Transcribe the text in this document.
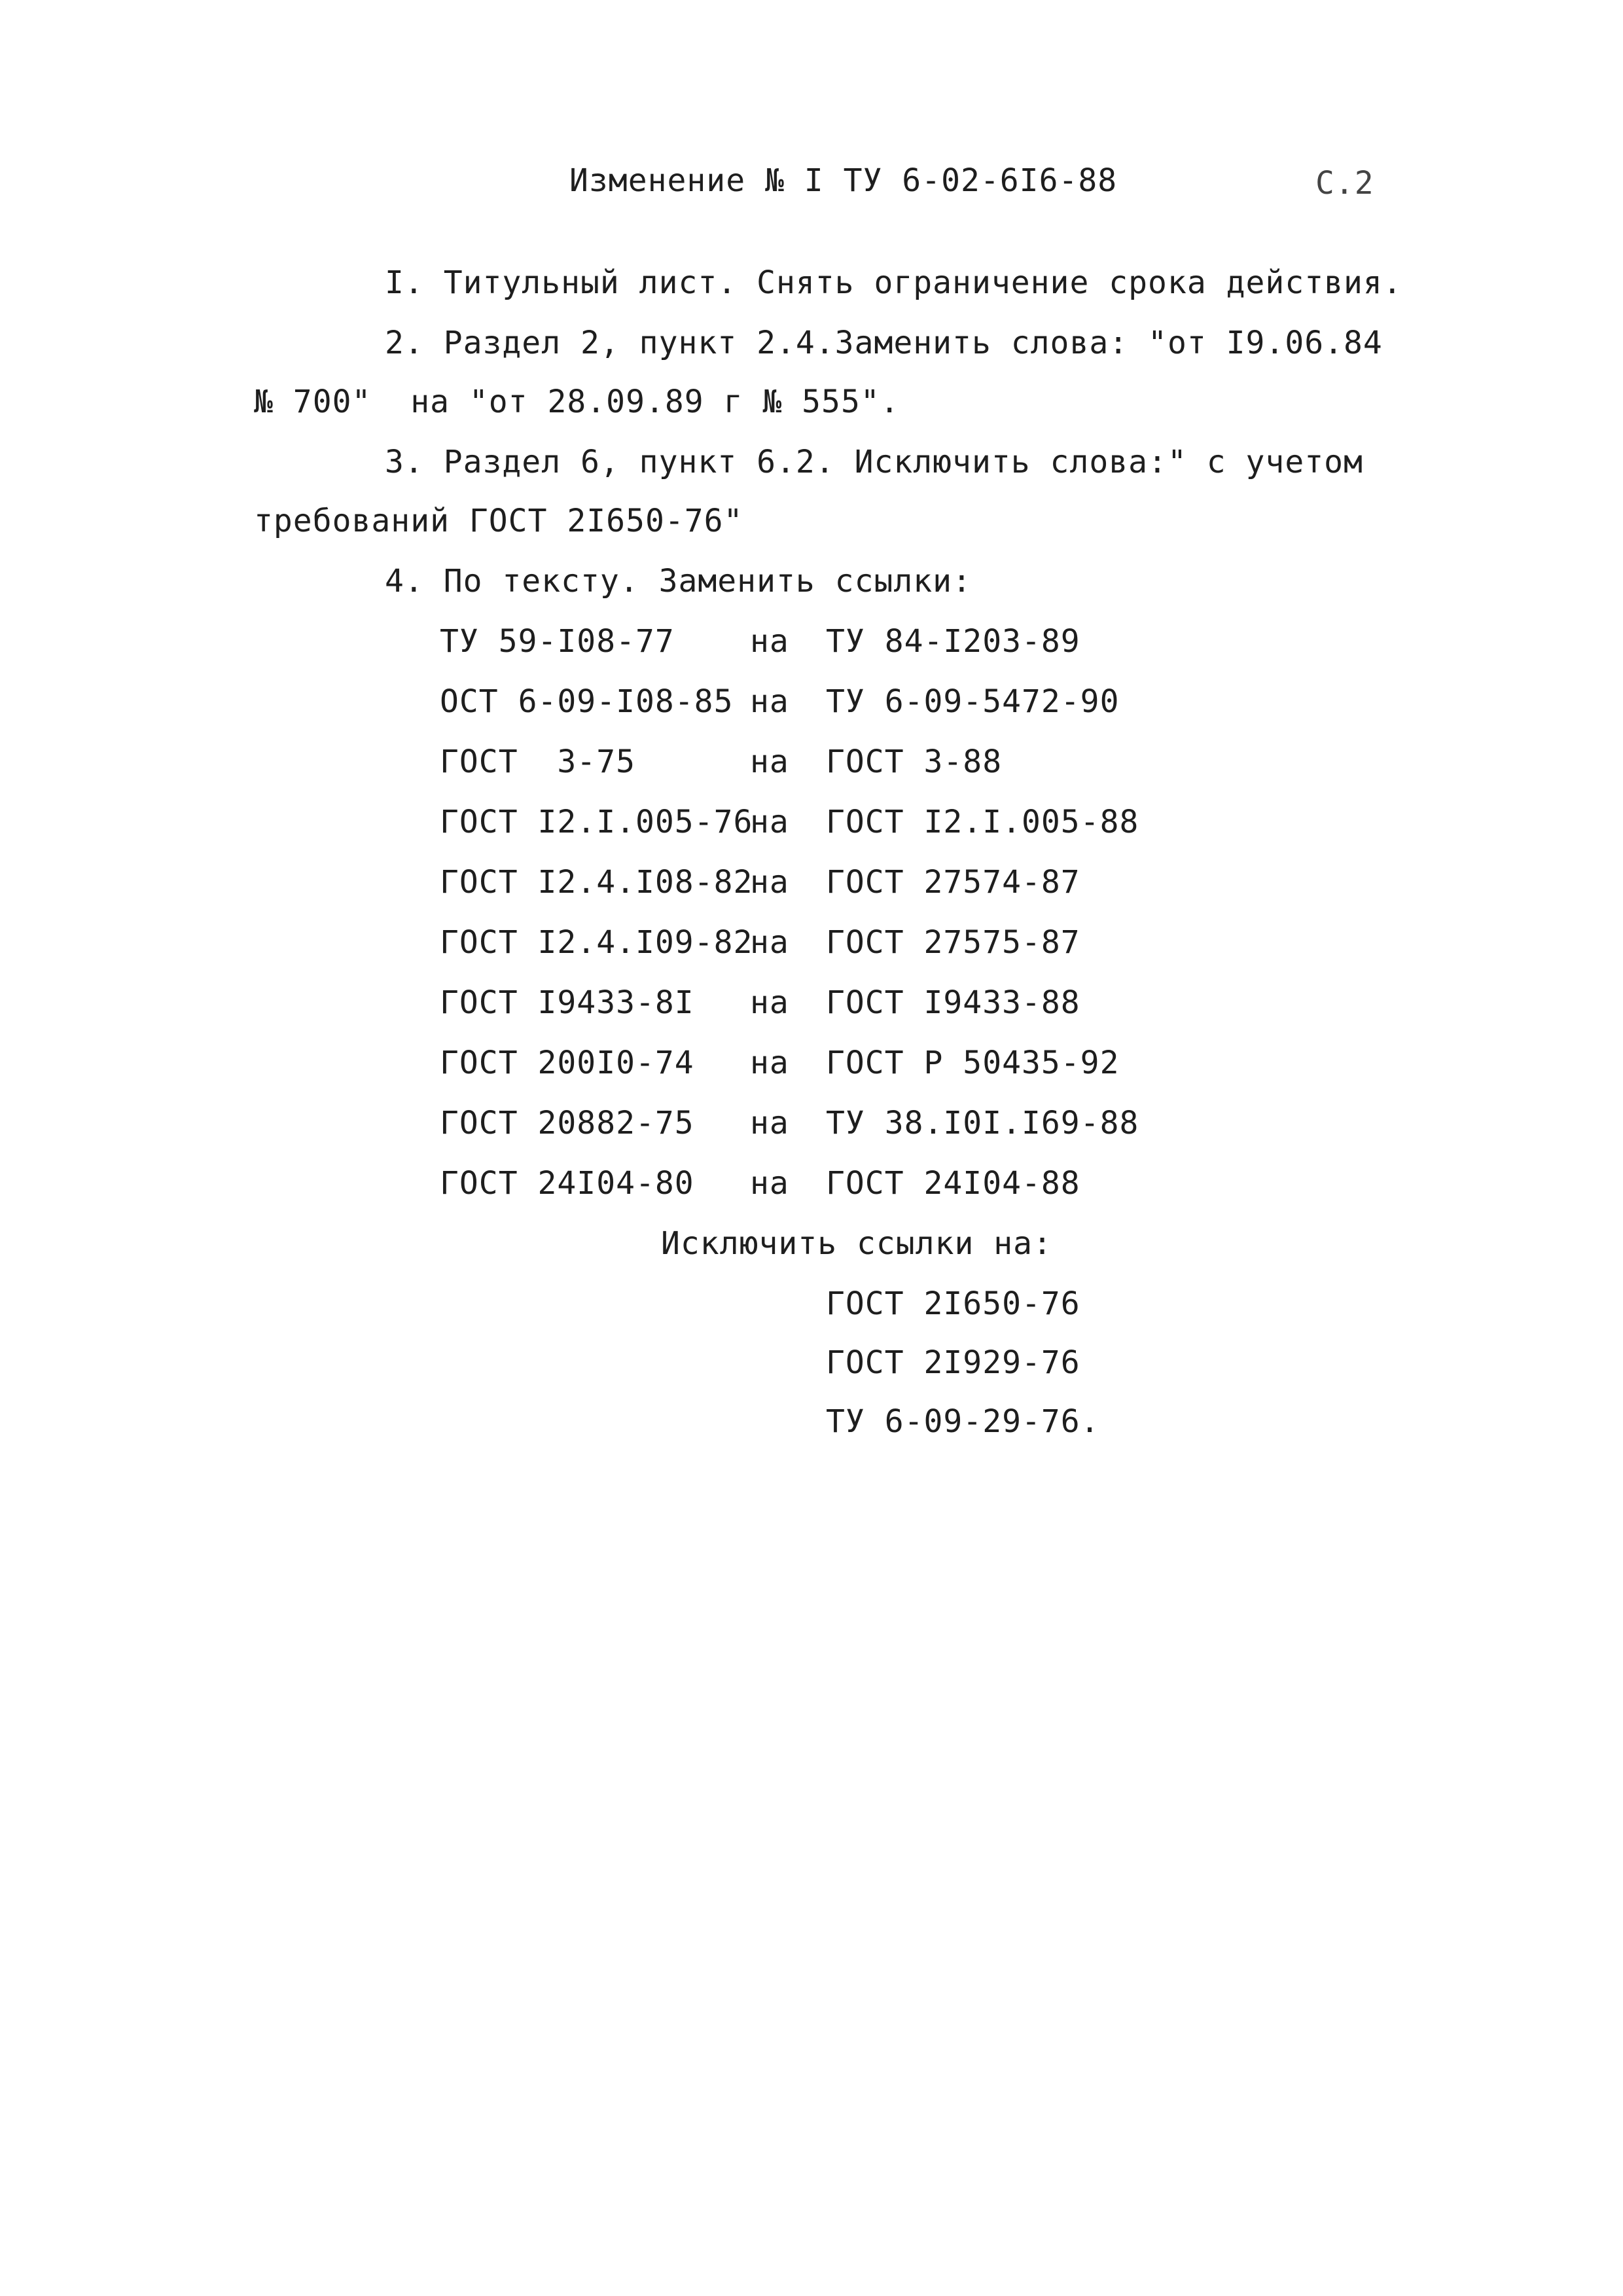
Изменение № I ТУ 6-02-6I6-88	С.2
I. Титульный лист. Снять ограничение срока действия.
2. Раздел 2, пункт 2.4.Заменить слова: "от I9.06.84
№ 700"  на "от 28.09.89 г № 555".
3. Раздел 6, пункт 6.2. Исключить слова:" с учетом
требований ГОСТ 2I650-76"
4. По тексту. Заменить ссылки:
ТУ 59-I08-77 на ТУ 84-I203-89
ОСТ 6-09-I08-85 на ТУ 6-09-5472-90
ГОСТ  3-75	на ГОСТ 3-88
ГОСТ I2.I.005-76
на ГОСТ I2.I.005-88
ГОСТ I2.4.I08-82
на ГОСТ 27574-87
ГОСТ I2.4.I09-82
на ГОСТ 27575-87
ГОСТ I9433-8I на ГОСТ I9433-88
ГОСТ 200I0-74 на ГОСТ Р 50435-92
ГОСТ 20882-75 на ТУ 38.I0I.I69-88
ГОСТ 24I04-80 на ГОСТ 24I04-88
Исключить ссылки на:
ГОСТ 2I650-76
ГОСТ 2I929-76
ТУ 6-09-29-76.
